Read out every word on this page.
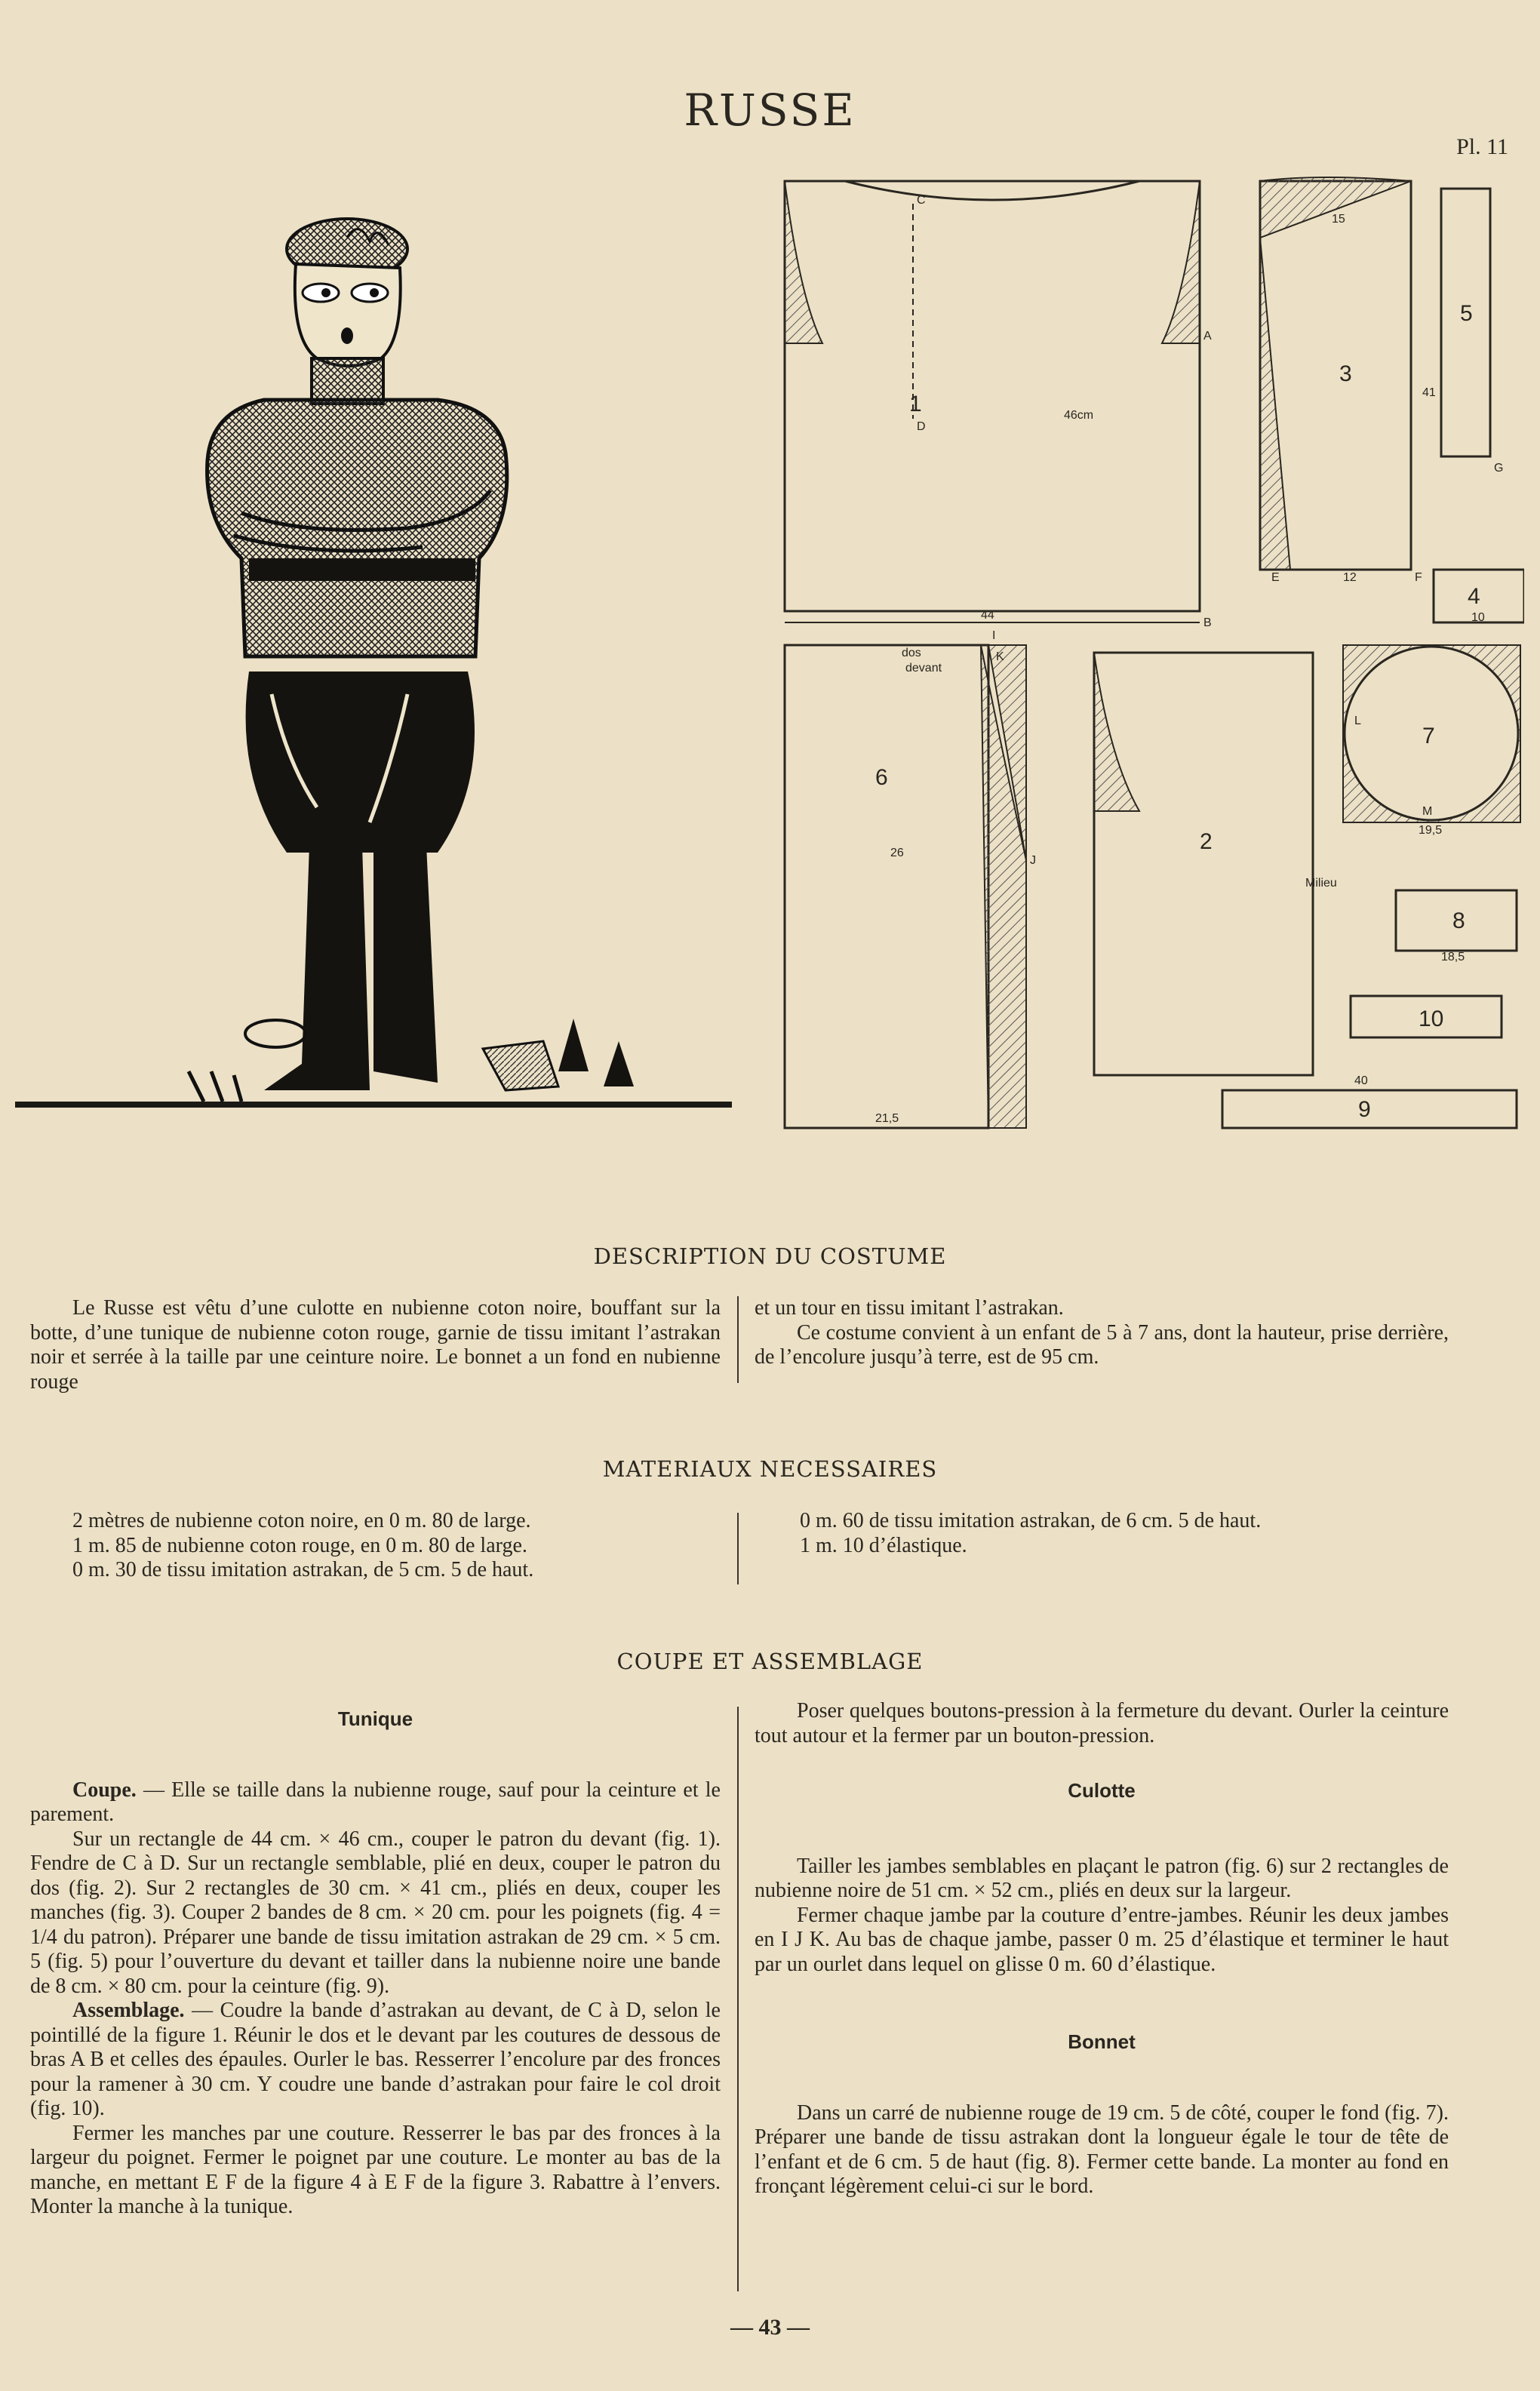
RUSSE
Pl. 11
1
3
5
4
6
2
7
8
10
9
44
46cm
15
41
12
10
26
21,5
19,5
18,5
40
Milieu
dos
devant
A
B
C
D
E	F
G
I
J
K
L
M
DESCRIPTION DU COSTUME

Le Russe est vêtu d’une culotte en nubienne coton noire, bouffant sur la botte, d’une tunique de nubienne coton rouge, garnie de tissu imitant l’astrakan noir et serrée à la taille par une ceinture noire. Le bonnet a un fond en nubienne rouge

et un tour en tissu imitant l’astrakan.

Ce costume convient à un enfant de 5 à 7 ans, dont la hauteur, prise derrière, de l’encolure jusqu’à terre, est de 95 cm.

MATERIAUX NECESSAIRES
2 mètres de nubienne coton noire, en 0 m. 80 de large.
1 m. 85 de nubienne coton rouge, en 0 m. 80 de large.
0 m. 30 de tissu imitation astrakan, de 5 cm. 5 de haut.
0 m. 60 de tissu imitation astrakan, de 6 cm. 5 de haut.
1 m. 10 d’élastique.
COUPE ET ASSEMBLAGE
Tunique

Coupe. — Elle se taille dans la nubienne rouge, sauf pour la ceinture et le parement.

Sur un rectangle de 44 cm. × 46 cm., couper le patron du devant (fig. 1). Fendre de C à D. Sur un rectangle semblable, plié en deux, couper le patron du dos (fig. 2). Sur 2 rectangles de 30 cm. × 41 cm., pliés en deux, couper les manches (fig. 3). Couper 2 bandes de 8 cm. × 20 cm. pour les poignets (fig. 4 = 1/4 du patron). Préparer une bande de tissu imitation astrakan de 29 cm. × 5 cm. 5 (fig. 5) pour l’ouverture du devant et tailler dans la nubienne noire une bande de 8 cm. × 80 cm. pour la ceinture (fig. 9).

Assemblage. — Coudre la bande d’astrakan au devant, de C à D, selon le pointillé de la figure 1. Réunir le dos et le devant par les coutures de dessous de bras A B et celles des épaules. Ourler le bas. Resserrer l’encolure par des fronces pour la ramener à 30 cm. Y coudre une bande d’astrakan pour faire le col droit (fig. 10).

Fermer les manches par une couture. Resserrer le bas par des fronces à la largeur du poignet. Fermer le poignet par une couture. Le monter au bas de la manche, en mettant E F de la figure 4 à E F de la figure 3. Rabattre à l’envers. Monter la manche à la tunique.

Poser quelques boutons-pression à la fermeture du devant. Ourler la ceinture tout autour et la fermer par un bouton-pression.

Culotte

Tailler les jambes semblables en plaçant le patron (fig. 6) sur 2 rectangles de nubienne noire de 51 cm. × 52 cm., pliés en deux sur la largeur.

Fermer chaque jambe par la couture d’entre-jambes. Réunir les deux jambes en I J K. Au bas de chaque jambe, passer 0 m. 25 d’élastique et terminer le haut par un ourlet dans lequel on glisse 0 m. 60 d’élastique.

Bonnet

Dans un carré de nubienne rouge de 19 cm. 5 de côté, couper le fond (fig. 7). Préparer une bande de tissu astrakan dont la longueur égale le tour de tête de l’enfant et de 6 cm. 5 de haut (fig. 8). Fermer cette bande. La monter au fond en fronçant légèrement celui-ci sur le bord.

— 43 —
